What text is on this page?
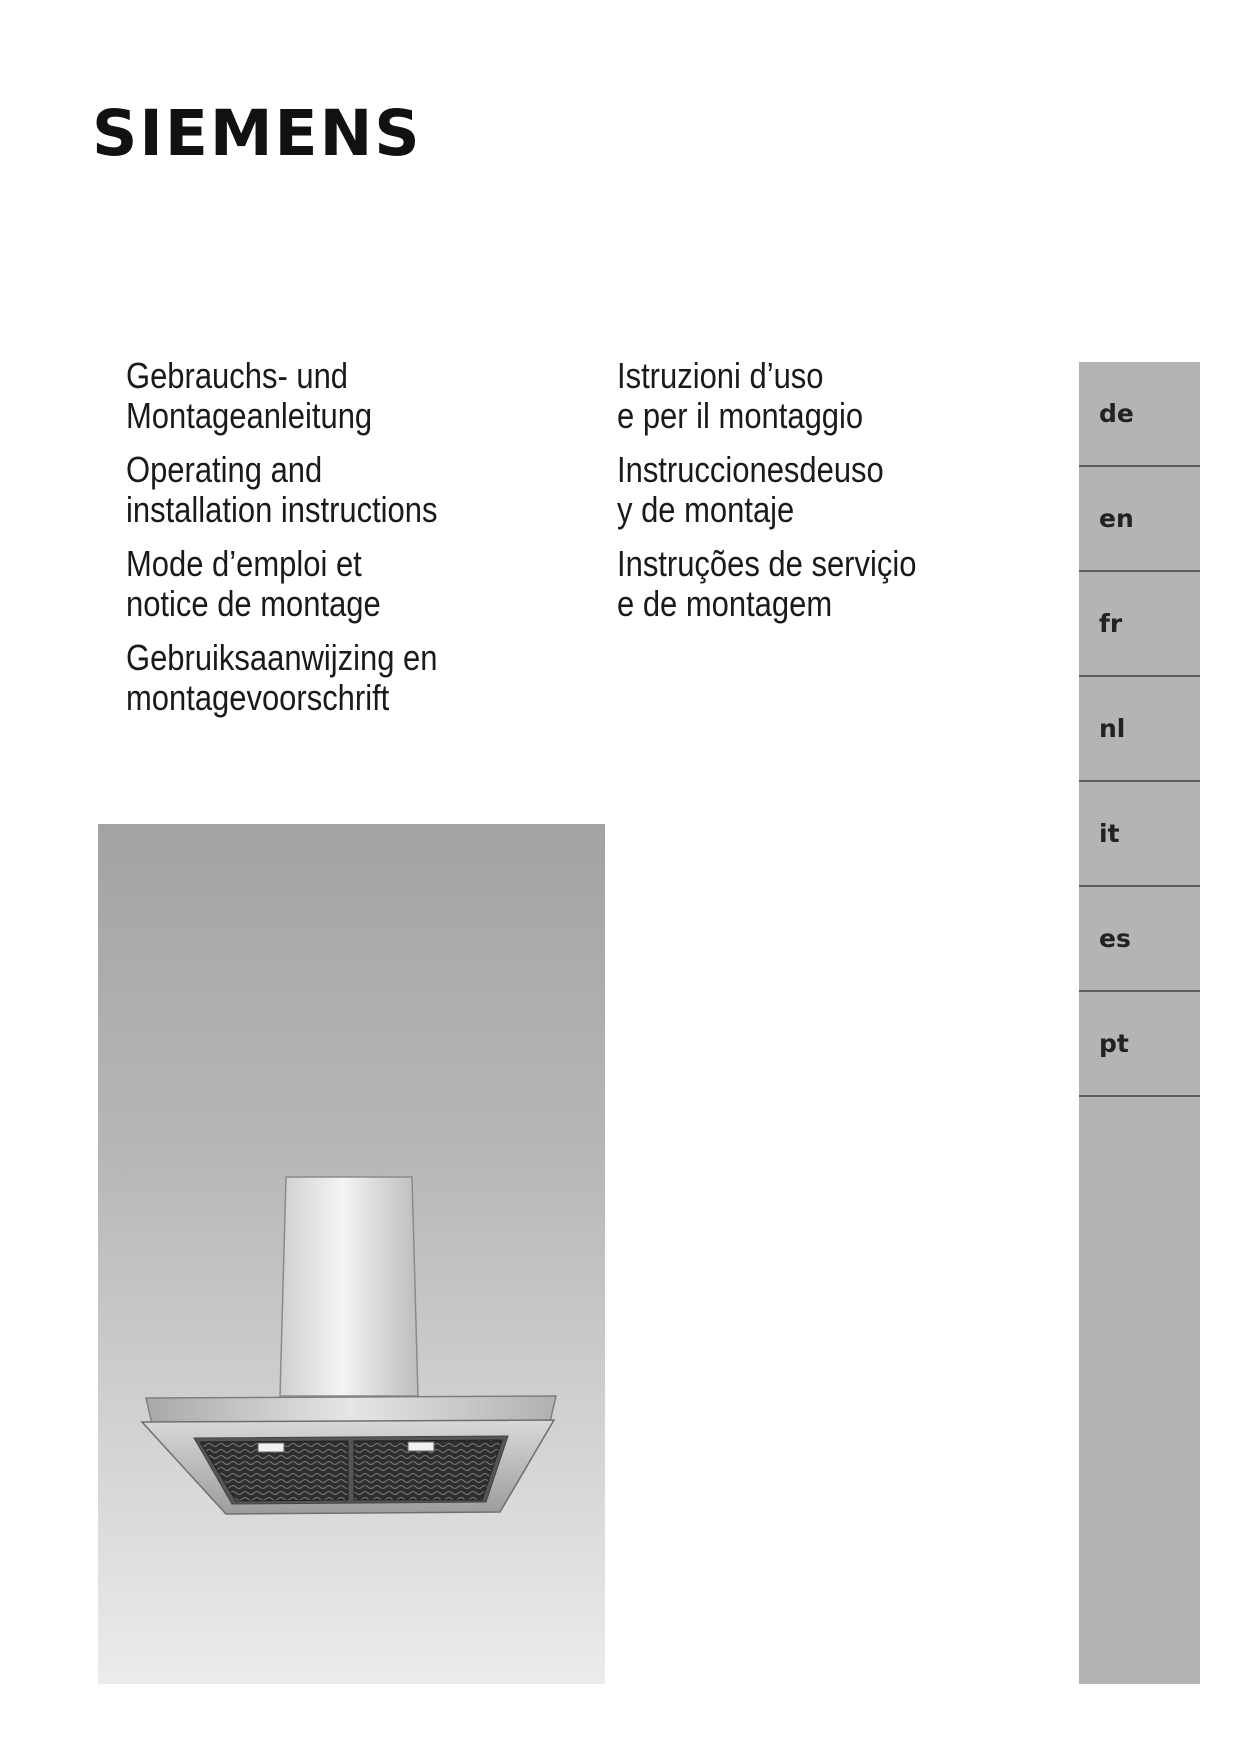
SIEMENS
Gebrauchs- und
Montageanleitung
Operating and
installation instructions
Mode d’emploi et
notice de montage
Gebruiksaanwijzing en
montagevoorschrift
Istruzioni d’uso
e per il montaggio
Instruccionesdeuso
y de montaje
Instruções de serviçio
e de montagem
de
en
fr
nl
it
es
pt
